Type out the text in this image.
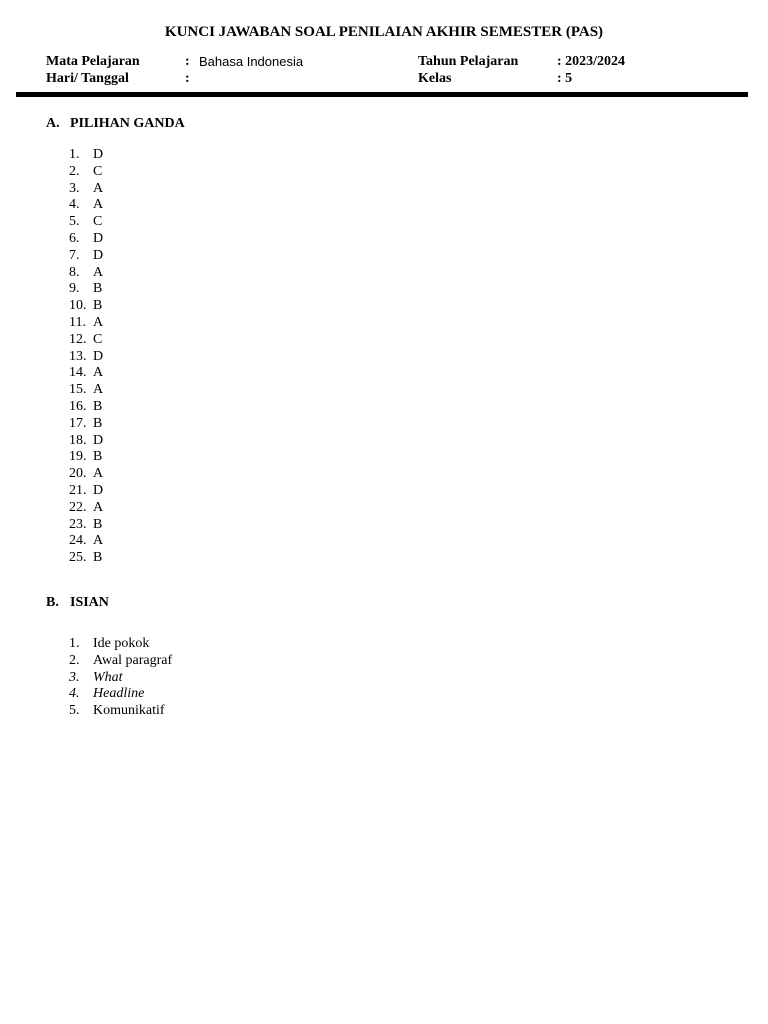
KUNCI JAWABAN SOAL PENILAIAN AKHIR SEMESTER (PAS)
Mata Pelajaran	: Bahasa Indonesia
Hari/ Tanggal	:
Tahun Pelajaran	: 2023/2024
Kelas	: 5
A. PILIHAN GANDA
1. D
2. C
3. A
4. A
5. C
6. D
7. D
8. A
9. B
10. B
11. A
12. C
13. D
14. A
15. A
16. B
17. B
18. D
19. B
20. A
21. D
22. A
23. B
24. A
25. B
B. ISIAN
1. Ide pokok
2. Awal paragraf
3. What
4. Headline
5. Komunikatif
